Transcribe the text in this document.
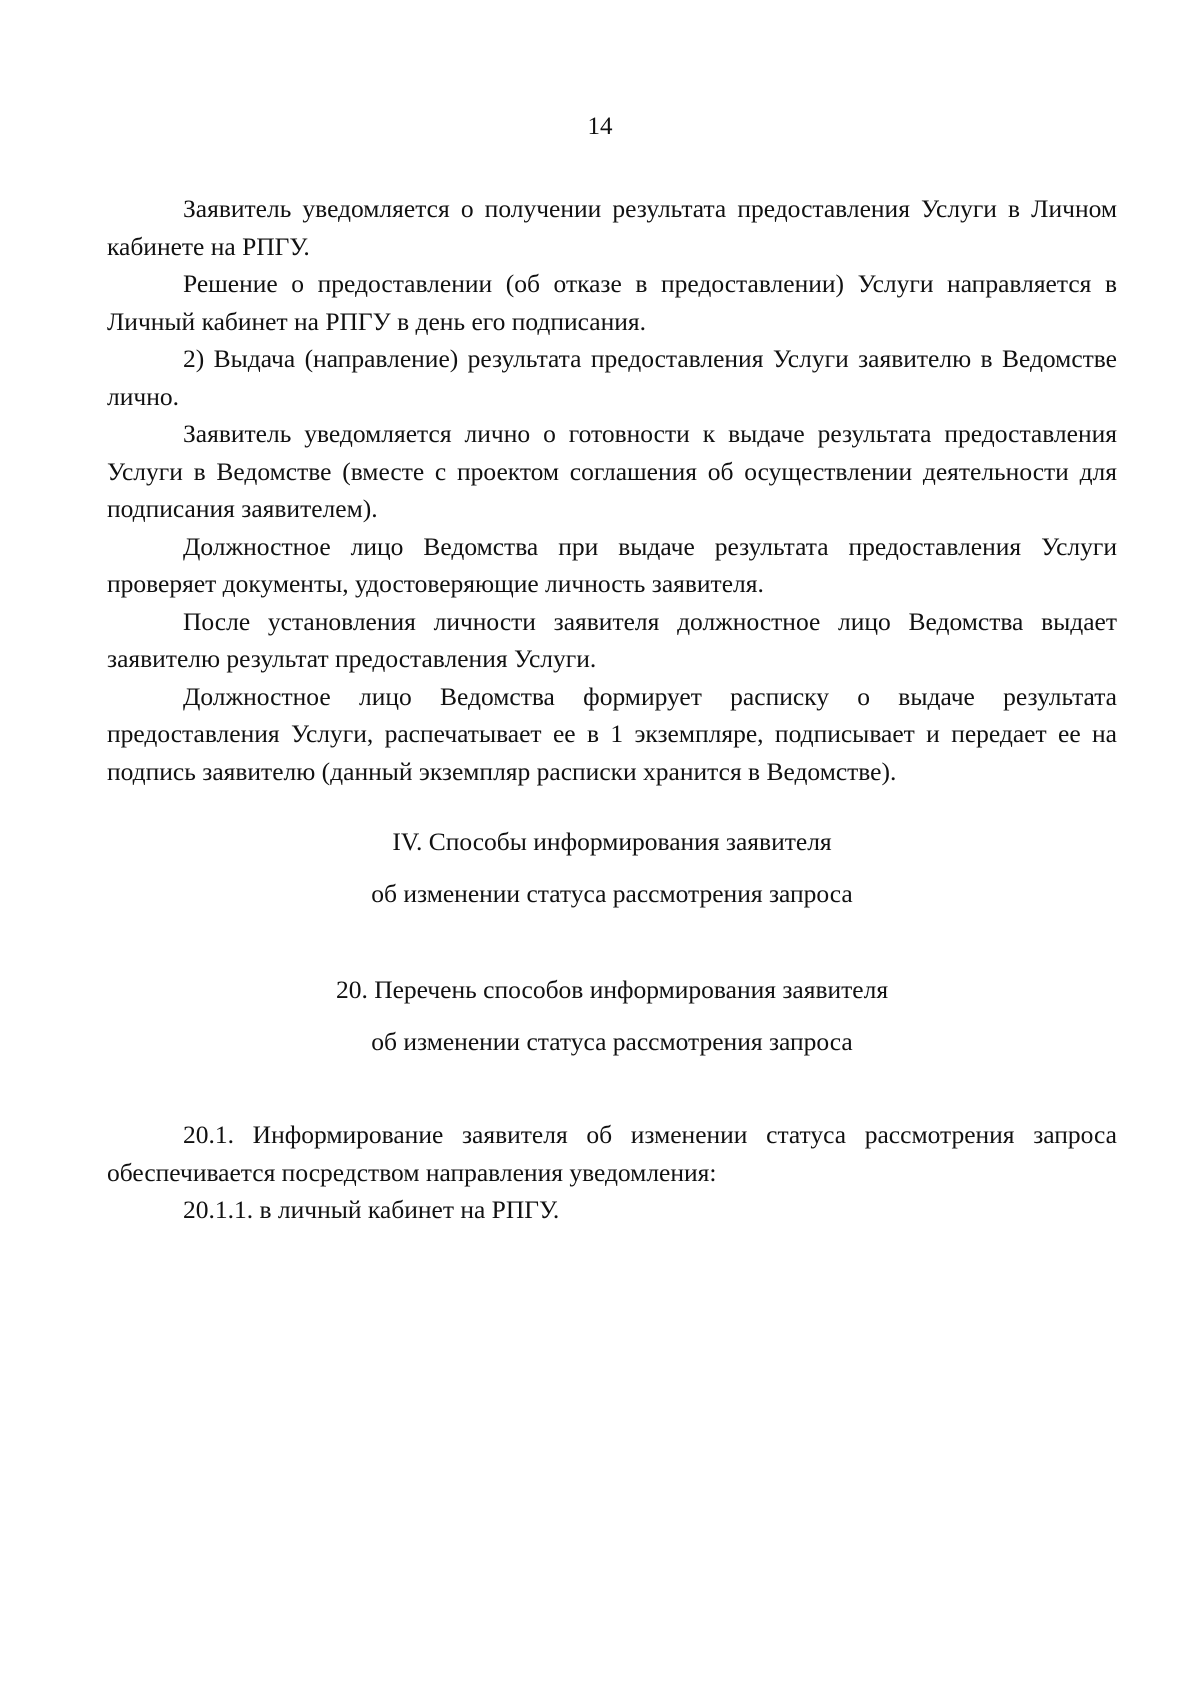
14

Заявитель уведомляется о получении результата предоставления Услуги в Личном кабинете на РПГУ.

Решение о предоставлении (об отказе в предоставлении) Услуги направляется в Личный кабинет на РПГУ в день его подписания.

2) Выдача (направление) результата предоставления Услуги заявителю в Ведомстве лично.

Заявитель уведомляется лично о готовности к выдаче результата предоставления Услуги в Ведомстве (вместе с проектом соглашения об осуществлении деятельности для подписания заявителем).

Должностное лицо Ведомства при выдаче результата предоставления Услуги проверяет документы, удостоверяющие личность заявителя.

После установления личности заявителя должностное лицо Ведомства выдает заявителю результат предоставления Услуги.

Должностное лицо Ведомства формирует расписку о выдаче результата предоставления Услуги, распечатывает ее в 1 экземпляре, подписывает и передает ее на подпись заявителю (данный экземпляр расписки хранится в Ведомстве).

IV. Способы информирования заявителя

об изменении статуса рассмотрения запроса

20. Перечень способов информирования заявителя

об изменении статуса рассмотрения запроса

20.1. Информирование заявителя об изменении статуса рассмотрения запроса обеспечивается посредством направления уведомления:

20.1.1. в личный кабинет на РПГУ.
